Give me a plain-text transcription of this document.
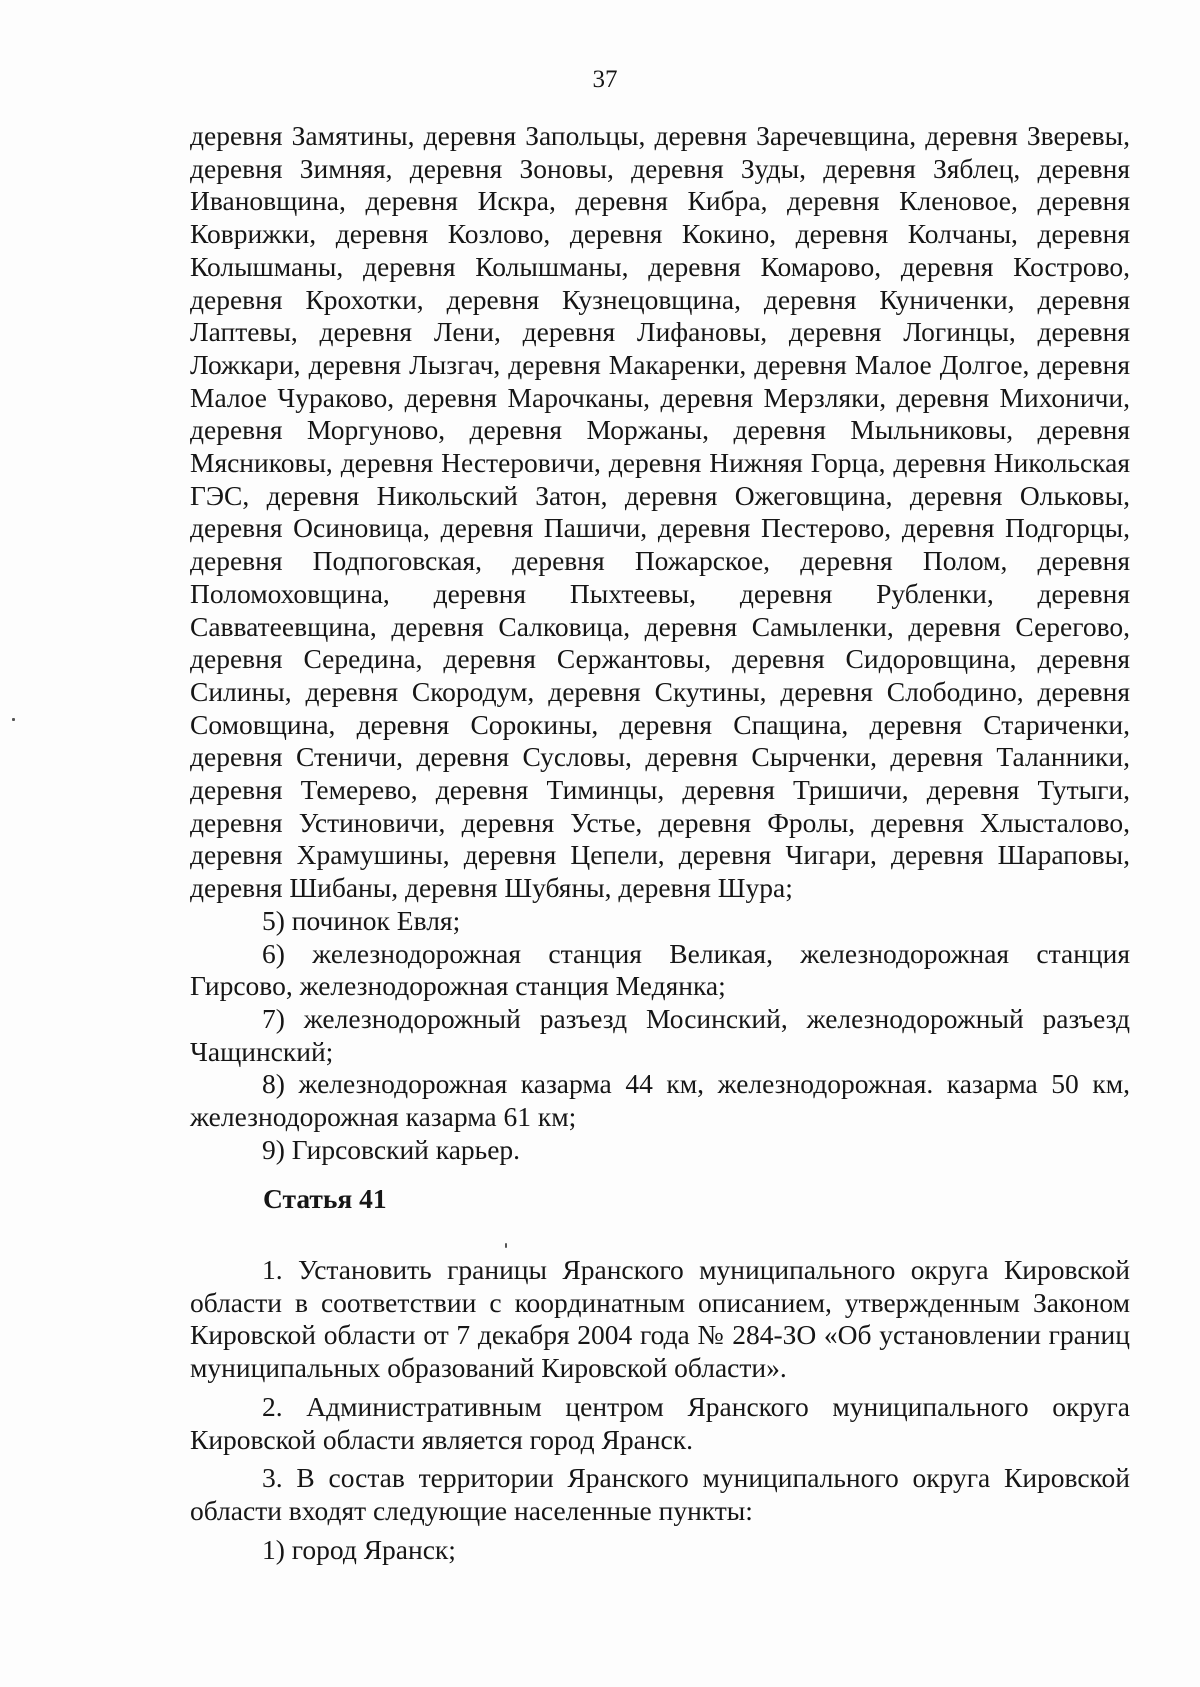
37

деревня Замятины, деревня Запольцы, деревня Заречевщина, деревня Зверевы, деревня Зимняя, деревня Зоновы, деревня Зуды, деревня Зяблец, деревня Ивановщина, деревня Искра, деревня Кибра, деревня Кленовое, деревня Коврижки, деревня Козлово, деревня Кокино, деревня Колчаны, деревня Колышманы, деревня Колышманы, деревня Комарово, деревня Кострово, деревня Крохотки, деревня Кузнецовщина, деревня Куниченки, деревня Лаптевы, деревня Лени, деревня Лифановы, деревня Логинцы, деревня Ложкари, деревня Лызгач, деревня Макаренки, деревня Малое Долгое, деревня Малое Чураково, деревня Марочканы, деревня Мерзляки, деревня Михоничи, деревня Моргуново, деревня Моржаны, деревня Мыльниковы, деревня Мясниковы, деревня Нестеровичи, деревня Нижняя Горца, деревня Никольская ГЭС, деревня Никольский Затон, деревня Ожеговщина, деревня Ольковы, деревня Осиновица, деревня Пашичи, деревня Пестерово, деревня Подгорцы, деревня Подпоговская, деревня Пожарское, деревня Полом, деревня Поломоховщина, деревня Пыхтеевы, деревня Рубленки, деревня Савватеевщина, деревня Салковица, деревня Самыленки, деревня Серегово, деревня Середина, деревня Сержантовы, деревня Сидоровщина, деревня Силины, деревня Скородум, деревня Скутины, деревня Слободино, деревня Сомовщина, деревня Сорокины, деревня Спащина, деревня Стариченки, деревня Стеничи, деревня Сусловы, деревня Сырченки, деревня Таланники, деревня Темерево, деревня Тиминцы, деревня Тришичи, деревня Тутыги, деревня Устиновичи, деревня Устье, деревня Фролы, деревня Хлысталово, деревня Храмушины, деревня Цепели, деревня Чигари, деревня Шараповы, деревня Шибаны, деревня Шубяны, деревня Шура;

5) починок Евля;

6) железнодорожная станция Великая, железнодорожная станция Гирсово, железнодорожная станция Медянка;

7) железнодорожный разъезд Мосинский, железнодорожный разъезд Чащинский;

8) железнодорожная казарма 44 км, железнодорожная. казарма 50 км, железнодорожная казарма 61 км;

9) Гирсовский карьер.

Статья 41

1. Установить границы Яранского муниципального округа Кировской области в соответствии с координатным описанием, утвержденным Законом Кировской области от 7 декабря 2004 года № 284-ЗО «Об установлении границ муниципальных образований Кировской области».

2. Административным центром Яранского муниципального округа Кировской области является город Яранск.

3. В состав территории Яранского муниципального округа Кировской области входят следующие населенные пункты:

1) город Яранск;
